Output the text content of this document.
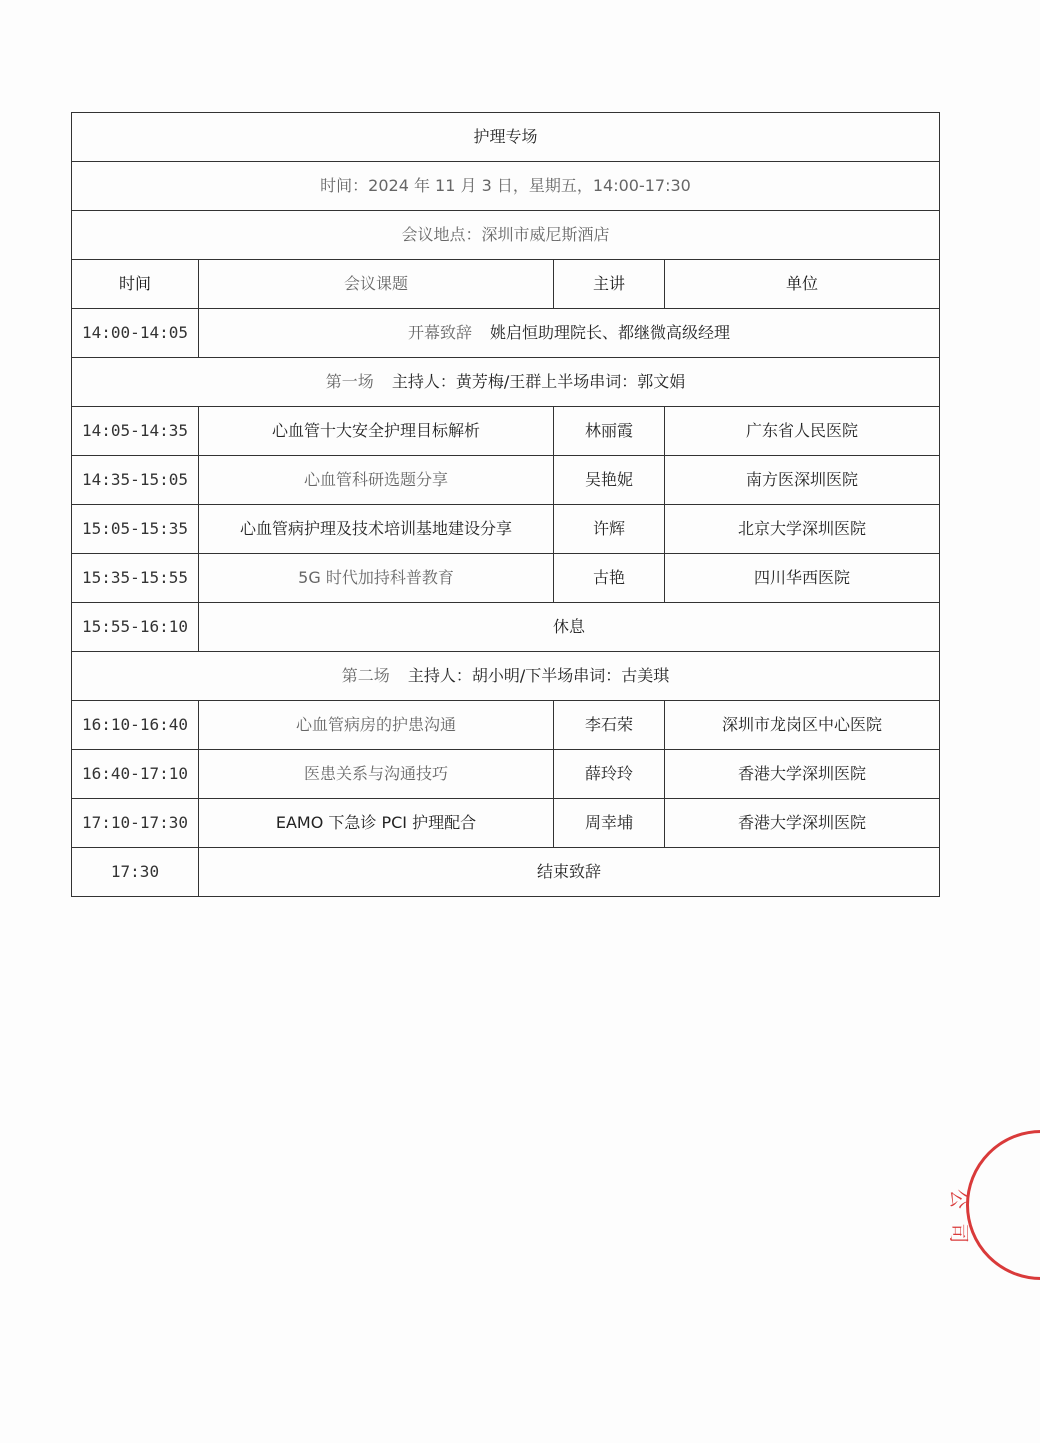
护理专场			
时间：2024 年 11 月 3 日，星期五，14:00-17:30			
会议地点：深圳市威尼斯酒店			
时间	会议课题	主讲	单位
14:00-14:05	开幕致辞 姚启恒助理院长、都继微高级经理		
第一场 主持人：黄芳梅/王群上半场串词：郭文娟			
14:05-14:35	心血管十大安全护理目标解析	林丽霞	广东省人民医院
14:35-15:05	心血管科研选题分享	吴艳妮	南方医深圳医院
15:05-15:35	心血管病护理及技术培训基地建设分享	许辉	北京大学深圳医院
15:35-15:55	5G 时代加持科普教育	古艳	四川华西医院
15:55-16:10	休息		
第二场 主持人：胡小明/下半场串词：古美琪			
16:10-16:40	心血管病房的护患沟通	李石荣	深圳市龙岗区中心医院
16:40-17:10	医患关系与沟通技巧	薛玲玲	香港大学深圳医院
17:10-17:30	EAMO 下急诊 PCI 护理配合	周幸埔	香港大学深圳医院
17:30	结束致辞		
公 司
